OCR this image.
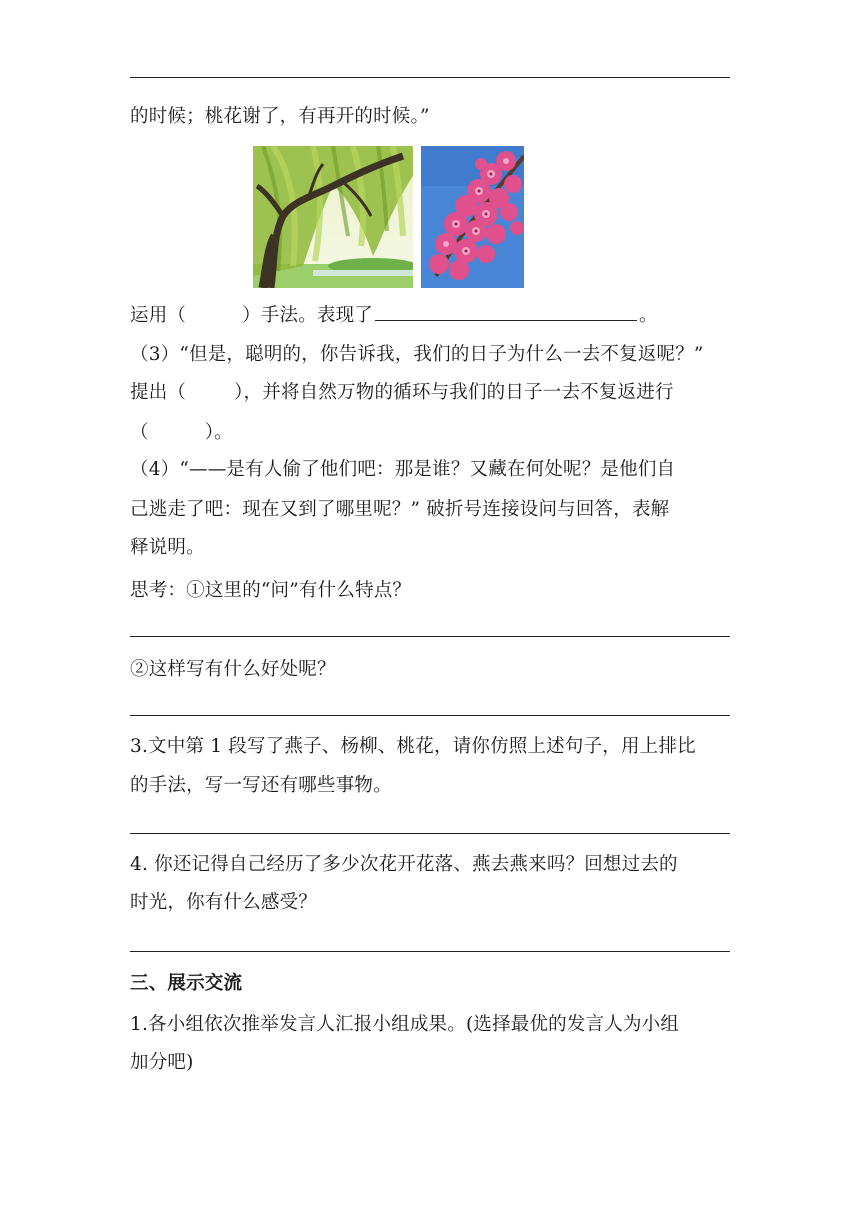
的时候；桃花谢了，有再开的时候。”
运用（	）手法。表现了	。
（3）“但是，聪明的，你告诉我，我们的日子为什么一去不复返呢？”
提出（	），并将自然万物的循环与我们的日子一去不复返进行
（	）。
（4）“——是有人偷了他们吧：那是谁？又藏在何处呢？是他们自
己逃走了吧：现在又到了哪里呢？” 破折号连接设问与回答，表解
释说明。
思考：①这里的“问”有什么特点？
②这样写有什么好处呢？
3.文中第 1 段写了燕子、杨柳、桃花，请你仿照上述句子，用上排比
的手法，写一写还有哪些事物。
4. 你还记得自己经历了多少次花开花落、燕去燕来吗？回想过去的
时光，你有什么感受？
三、展示交流
1.各小组依次推举发言人汇报小组成果。(选择最优的发言人为小组
加分吧)
